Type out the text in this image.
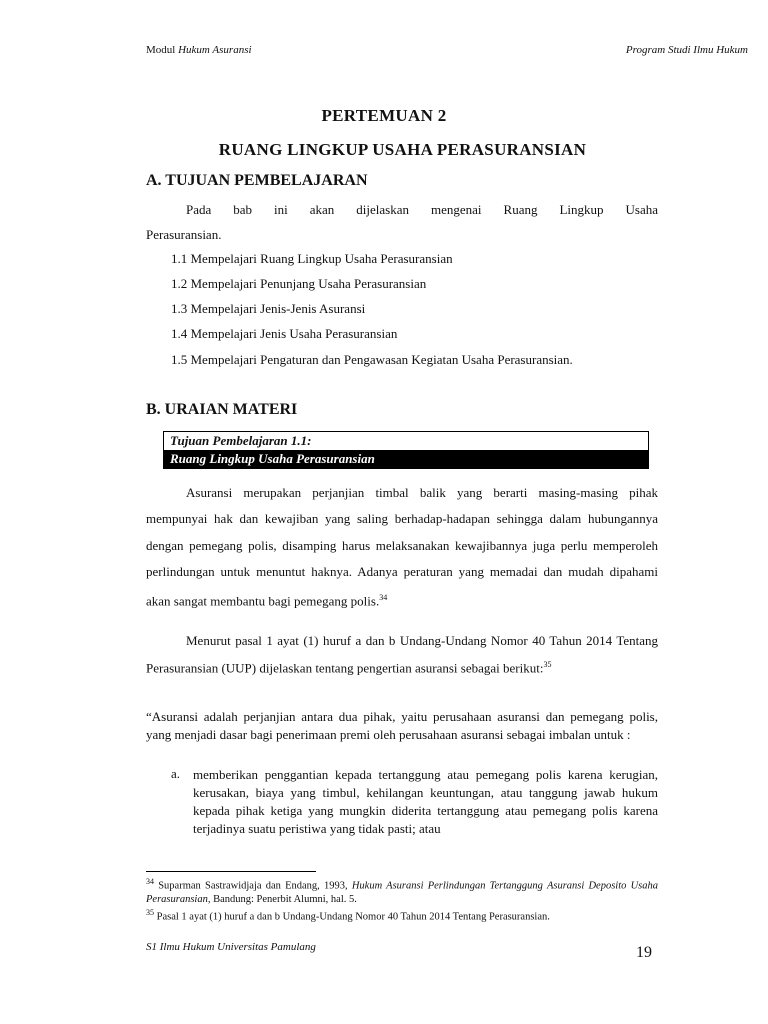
Modul Hukum Asuransi	Program Studi Ilmu Hukum
PERTEMUAN 2
RUANG LINGKUP USAHA PERASURANSIAN
A. TUJUAN PEMBELAJARAN
Pada bab ini akan dijelaskan mengenai Ruang Lingkup Usaha
Perasuransian.
1.1 Mempelajari Ruang Lingkup Usaha Perasuransian
1.2 Mempelajari Penunjang Usaha Perasuransian
1.3 Mempelajari Jenis-Jenis Asuransi
1.4 Mempelajari Jenis Usaha Perasuransian
1.5 Mempelajari Pengaturan dan Pengawasan Kegiatan Usaha Perasuransian.
B. URAIAN MATERI
Tujuan Pembelajaran 1.1:
Ruang Lingkup Usaha Perasuransian
Asuransi merupakan perjanjian timbal balik yang berarti masing-masing pihak mempunyai hak dan kewajiban yang saling berhadap-hadapan sehingga dalam hubungannya dengan pemegang polis, disamping harus melaksanakan kewajibannya juga perlu memperoleh perlindungan untuk menuntut haknya. Adanya peraturan yang memadai dan mudah dipahami akan sangat membantu bagi pemegang polis.$^{34}$
Menurut pasal 1 ayat (1) huruf a dan b Undang-Undang Nomor 40 Tahun 2014 Tentang Perasuransian (UUP) dijelaskan tentang pengertian asuransi sebagai berikut:$^{35}$
“Asuransi adalah perjanjian antara dua pihak, yaitu perusahaan asuransi dan pemegang polis, yang menjadi dasar bagi penerimaan premi oleh perusahaan asuransi sebagai imbalan untuk :
a. memberikan penggantian kepada tertanggung atau pemegang polis karena kerugian, kerusakan, biaya yang timbul, kehilangan keuntungan, atau tanggung jawab hukum kepada pihak ketiga yang mungkin diderita tertanggung atau pemegang polis karena terjadinya suatu peristiwa yang tidak pasti; atau
$^{34}$ Suparman Sastrawidjaja dan Endang, 1993, Hukum Asuransi Perlindungan Tertanggung Asuransi Deposito Usaha Perasuransian, Bandung: Penerbit Alumni, hal. 5.
$^{35}$ Pasal 1 ayat (1) huruf a dan b Undang-Undang Nomor 40 Tahun 2014 Tentang Perasuransian.
S1 Ilmu Hukum Universitas Pamulang	19
